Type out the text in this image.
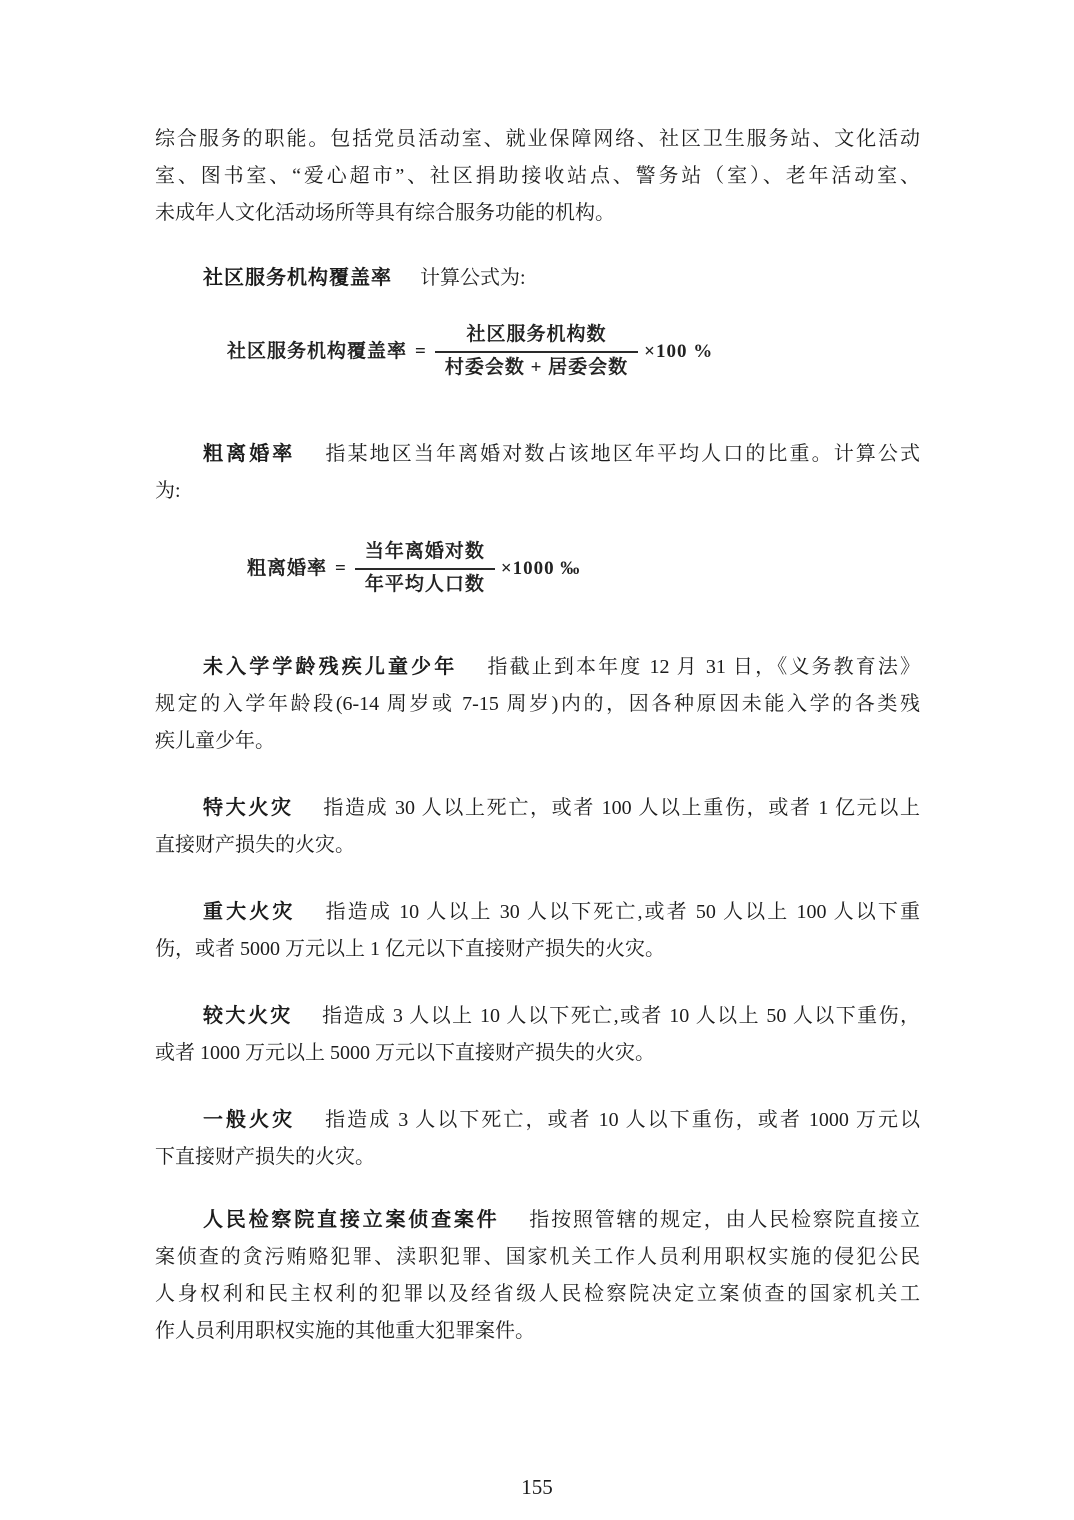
综合服务的职能。包括党员活动室、就业保障网络、社区卫生服务站、文化活动
室、图书室、“爱心超市”、社区捐助接收站点、警务站（室）、老年活动室、
未成年人文化活动场所等具有综合服务功能的机构。
社区服务机构覆盖率 计算公式为:
社区服务机构覆盖率 = $\frac{\text{社区服务机构数}}{\text{村委会数 + 居委会数}} \times 100$ %
粗离婚率 指某地区当年离婚对数占该地区年平均人口的比重。计算公式
为:
粗离婚率 = $\frac{\text{当年离婚对数}}{\text{年平均人口数}} \times 1000$ ‰
未入学学龄残疾儿童少年 指截止到本年度 12 月 31 日，《义务教育法》
规定的入学年龄段(6-14 周岁或 7-15 周岁)内的，因各种原因未能入学的各类残
疾儿童少年。
特大火灾 指造成 30 人以上死亡，或者 100 人以上重伤，或者 1 亿元以上
直接财产损失的火灾。
重大火灾 指造成 10 人以上 30 人以下死亡,或者 50 人以上 100 人以下重
伤，或者 5000 万元以上 1 亿元以下直接财产损失的火灾。
较大火灾 指造成 3 人以上 10 人以下死亡,或者 10 人以上 50 人以下重伤，
或者 1000 万元以上 5000 万元以下直接财产损失的火灾。
一般火灾 指造成 3 人以下死亡，或者 10 人以下重伤，或者 1000 万元以
下直接财产损失的火灾。
人民检察院直接立案侦查案件 指按照管辖的规定，由人民检察院直接立
案侦查的贪污贿赂犯罪、渎职犯罪、国家机关工作人员利用职权实施的侵犯公民
人身权利和民主权利的犯罪以及经省级人民检察院决定立案侦查的国家机关工
作人员利用职权实施的其他重大犯罪案件。
155
